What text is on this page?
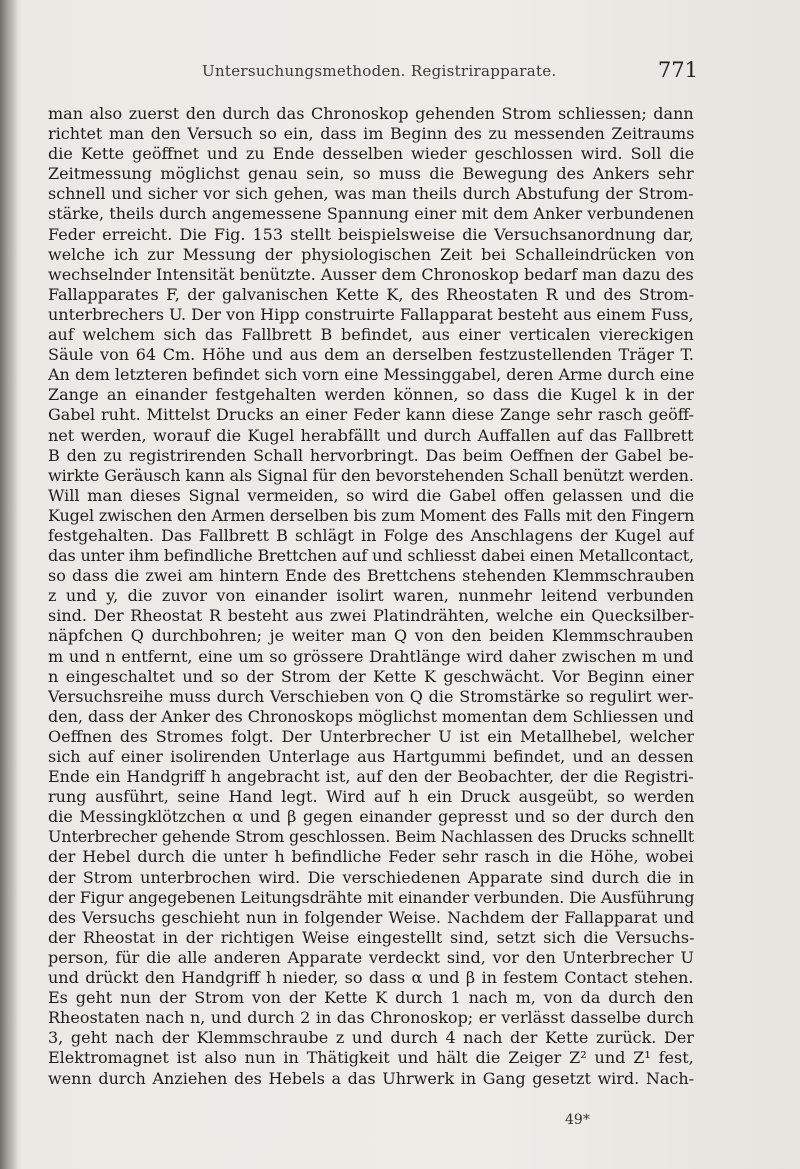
Untersuchungsmethoden. Registrirapparate.	771
man also zuerst den durch das Chronoskop gehenden Strom schliessen; dann
richtet man den Versuch so ein, dass im Beginn des zu messenden Zeitraums
die Kette geöffnet und zu Ende desselben wieder geschlossen wird. Soll die
Zeitmessung möglichst genau sein, so muss die Bewegung des Ankers sehr
schnell und sicher vor sich gehen, was man theils durch Abstufung der Strom-
stärke, theils durch angemessene Spannung einer mit dem Anker verbundenen
Feder erreicht. Die Fig. 153 stellt beispielsweise die Versuchsanordnung dar,
welche ich zur Messung der physiologischen Zeit bei Schalleindrücken von
wechselnder Intensität benützte. Ausser dem Chronoskop bedarf man dazu des
Fallapparates F, der galvanischen Kette K, des Rheostaten R und des Strom-
unterbrechers U. Der von Hipp construirte Fallapparat besteht aus einem Fuss,
auf welchem sich das Fallbrett B befindet, aus einer verticalen viereckigen
Säule von 64 Cm. Höhe und aus dem an derselben festzustellenden Träger T.
An dem letzteren befindet sich vorn eine Messinggabel, deren Arme durch eine
Zange an einander festgehalten werden können, so dass die Kugel k in der
Gabel ruht. Mittelst Drucks an einer Feder kann diese Zange sehr rasch geöff-
net werden, worauf die Kugel herabfällt und durch Auffallen auf das Fallbrett
B den zu registrirenden Schall hervorbringt. Das beim Oeffnen der Gabel be-
wirkte Geräusch kann als Signal für den bevorstehenden Schall benützt werden.
Will man dieses Signal vermeiden, so wird die Gabel offen gelassen und die
Kugel zwischen den Armen derselben bis zum Moment des Falls mit den Fingern
festgehalten. Das Fallbrett B schlägt in Folge des Anschlagens der Kugel auf
das unter ihm befindliche Brettchen auf und schliesst dabei einen Metallcontact,
so dass die zwei am hintern Ende des Brettchens stehenden Klemmschrauben
z und y, die zuvor von einander isolirt waren, nunmehr leitend verbunden
sind. Der Rheostat R besteht aus zwei Platindrähten, welche ein Quecksilber-
näpfchen Q durchbohren; je weiter man Q von den beiden Klemmschrauben
m und n entfernt, eine um so grössere Drahtlänge wird daher zwischen m und
n eingeschaltet und so der Strom der Kette K geschwächt. Vor Beginn einer
Versuchsreihe muss durch Verschieben von Q die Stromstärke so regulirt wer-
den, dass der Anker des Chronoskops möglichst momentan dem Schliessen und
Oeffnen des Stromes folgt. Der Unterbrecher U ist ein Metallhebel, welcher
sich auf einer isolirenden Unterlage aus Hartgummi befindet, und an dessen
Ende ein Handgriff h angebracht ist, auf den der Beobachter, der die Registri-
rung ausführt, seine Hand legt. Wird auf h ein Druck ausgeübt, so werden
die Messingklötzchen α und β gegen einander gepresst und so der durch den
Unterbrecher gehende Strom geschlossen. Beim Nachlassen des Drucks schnellt
der Hebel durch die unter h befindliche Feder sehr rasch in die Höhe, wobei
der Strom unterbrochen wird. Die verschiedenen Apparate sind durch die in
der Figur angegebenen Leitungsdrähte mit einander verbunden. Die Ausführung
des Versuchs geschieht nun in folgender Weise. Nachdem der Fallapparat und
der Rheostat in der richtigen Weise eingestellt sind, setzt sich die Versuchs-
person, für die alle anderen Apparate verdeckt sind, vor den Unterbrecher U
und drückt den Handgriff h nieder, so dass α und β in festem Contact stehen.
Es geht nun der Strom von der Kette K durch 1 nach m, von da durch den
Rheostaten nach n, und durch 2 in das Chronoskop; er verlässt dasselbe durch
3, geht nach der Klemmschraube z und durch 4 nach der Kette zurück. Der
Elektromagnet ist also nun in Thätigkeit und hält die Zeiger Z² und Z¹ fest,
wenn durch Anziehen des Hebels a das Uhrwerk in Gang gesetzt wird. Nach-
49*
